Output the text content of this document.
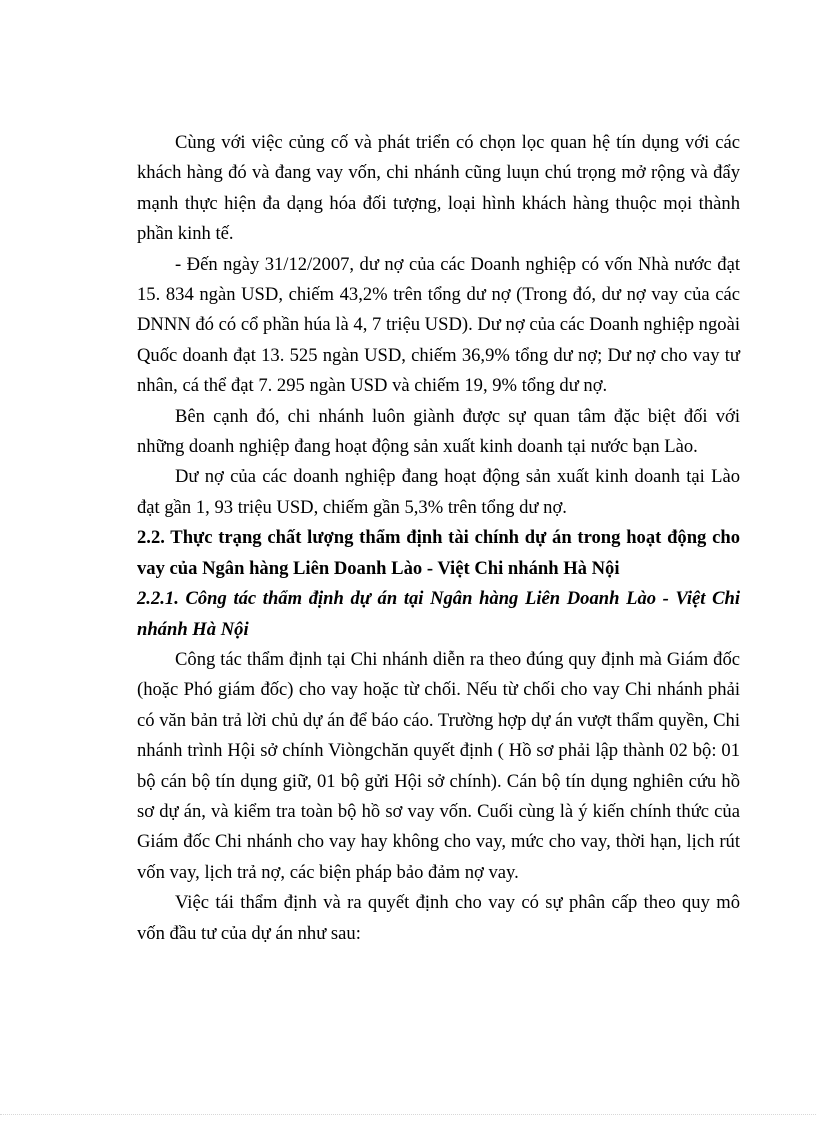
Cùng với việc củng cố và phát triển có chọn lọc quan hệ tín dụng với các khách hàng đó và đang vay vốn, chi nhánh cũng luụn chú trọng mở rộng và đẩy mạnh thực hiện đa dạng hóa đối tượng, loại hình khách hàng thuộc mọi thành phần kinh tế.

- Đến ngày 31/12/2007, dư nợ của các Doanh nghiệp có vốn Nhà nước đạt 15. 834 ngàn USD, chiếm 43,2% trên tổng dư nợ (Trong đó, dư nợ vay của các DNNN đó có cổ phần húa là 4, 7 triệu USD). Dư nợ của các Doanh nghiệp ngoài Quốc doanh đạt 13. 525 ngàn USD, chiếm 36,9% tổng dư nợ; Dư nợ cho vay tư nhân, cá thể đạt 7. 295 ngàn USD và chiếm 19, 9% tổng dư nợ.

Bên cạnh đó, chi nhánh luôn giành được sự quan tâm đặc biệt đối với những doanh nghiệp đang hoạt động sản xuất kinh doanh tại nước bạn Lào.

Dư nợ của các doanh nghiệp đang hoạt động sản xuất kinh doanh tại Lào đạt gần 1, 93 triệu USD, chiếm gần 5,3% trên tổng dư nợ.

2.2. Thực trạng chất lượng thẩm định tài chính dự án trong hoạt động cho vay của Ngân hàng Liên Doanh Lào - Việt Chi nhánh Hà Nội
2.2.1. Công tác thẩm định dự án tại Ngân hàng Liên Doanh Lào - Việt Chi nhánh Hà Nội

Công tác thẩm định tại Chi nhánh diễn ra theo đúng quy định mà Giám đốc (hoặc Phó giám đốc) cho vay hoặc từ chối. Nếu từ chối cho vay Chi nhánh phải có văn bản trả lời chủ dự án để báo cáo. Trường hợp dự án vượt thẩm quyền, Chi nhánh trình Hội sở chính Viòngchăn quyết định ( Hồ sơ phải lập thành 02 bộ: 01 bộ cán bộ tín dụng giữ, 01 bộ gửi Hội sở chính). Cán bộ tín dụng nghiên cứu hồ sơ dự án, và kiểm tra toàn bộ hồ sơ vay vốn. Cuối cùng là ý kiến chính thức của Giám đốc Chi nhánh cho vay hay không cho vay, mức cho vay, thời hạn, lịch rút vốn vay, lịch trả nợ, các biện pháp bảo đảm nợ vay.

Việc tái thẩm định và ra quyết định cho vay có sự phân cấp theo quy mô vốn đầu tư của dự án như sau:
